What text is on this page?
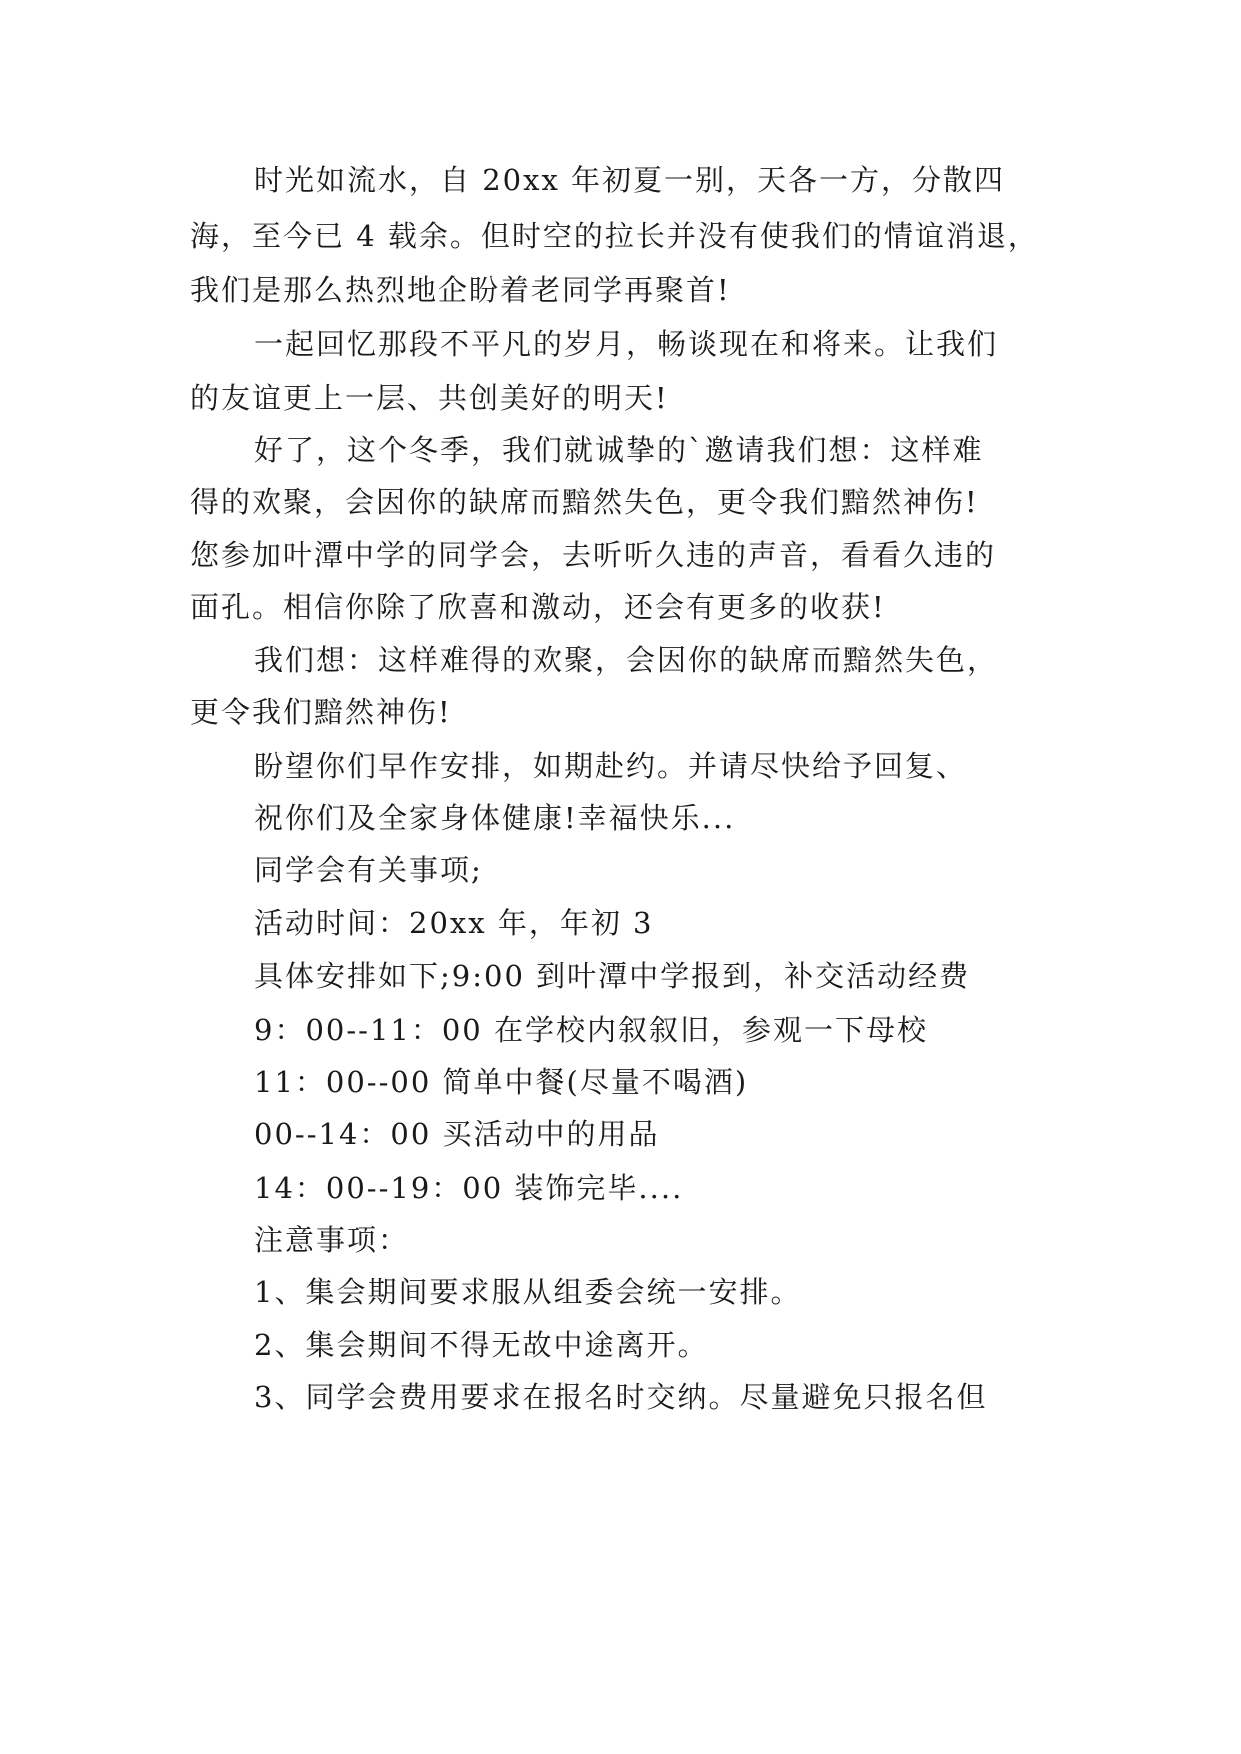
时光如流水，自 20xx 年初夏一别，天各一方，分散四
海，至今已 4 载余。但时空的拉长并没有使我们的情谊消退，
我们是那么热烈地企盼着老同学再聚首!
一起回忆那段不平凡的岁月，畅谈现在和将来。让我们
的友谊更上一层、共创美好的明天!
好了，这个冬季，我们就诚挚的`邀请我们想：这样难
得的欢聚，会因你的缺席而黯然失色，更令我们黯然神伤!
您参加叶潭中学的同学会，去听听久违的声音，看看久违的
面孔。相信你除了欣喜和激动，还会有更多的收获!
我们想：这样难得的欢聚，会因你的缺席而黯然失色，
更令我们黯然神伤!
盼望你们早作安排，如期赴约。并请尽快给予回复、
祝你们及全家身体健康!幸福快乐...
同学会有关事项;
活动时间：20xx 年，年初 3
具体安排如下;9:00 到叶潭中学报到，补交活动经费
9：00--11：00 在学校内叙叙旧，参观一下母校
11：00--00 简单中餐(尽量不喝酒)
00--14：00 买活动中的用品
14：00--19：00 装饰完毕....
注意事项：
1、集会期间要求服从组委会统一安排。
2、集会期间不得无故中途离开。
3、同学会费用要求在报名时交纳。尽量避免只报名但
